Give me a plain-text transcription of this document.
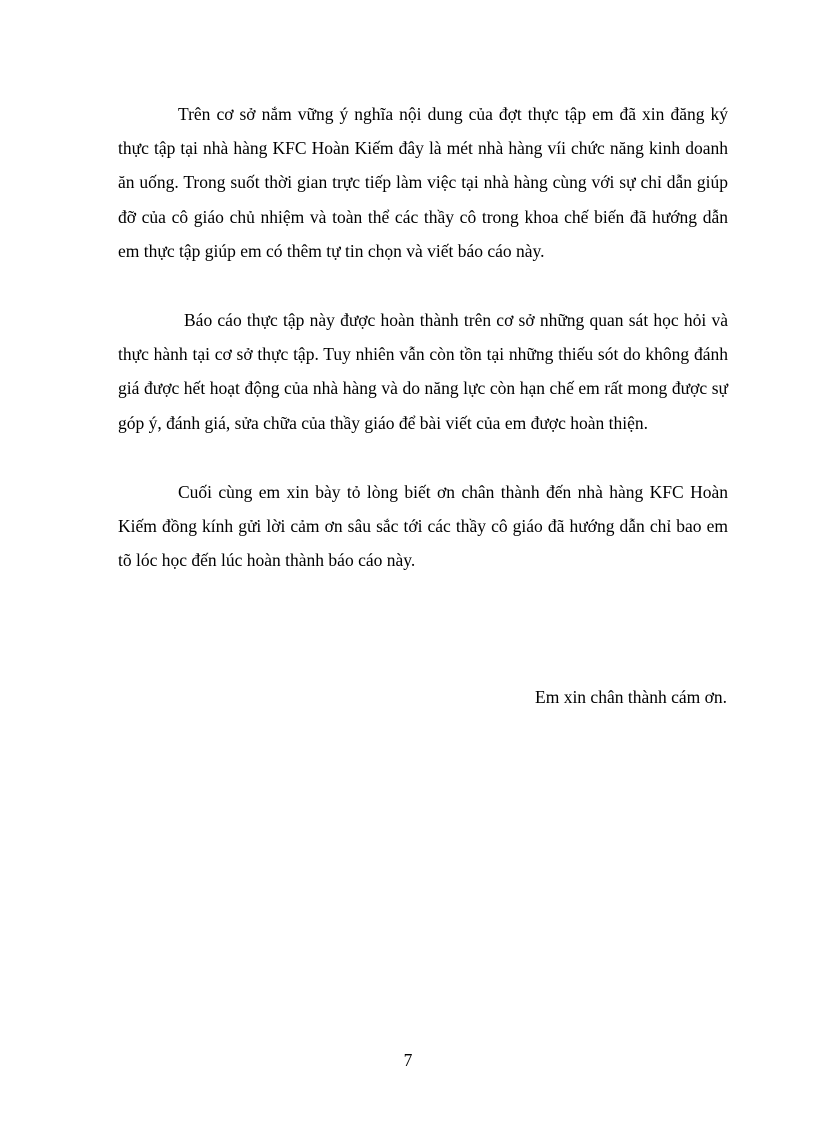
Trên cơ sở nắm vững ý nghĩa nội dung của đợt thực tập em đã xin đăng ký thực tập tại nhà hàng KFC Hoàn Kiếm đây là mét nhà hàng víi chức năng kinh doanh ăn uống. Trong suốt thời gian trực tiếp làm việc tại nhà hàng cùng với sự chỉ dẫn giúp đỡ của cô giáo chủ nhiệm và toàn thể các thầy cô trong khoa chế biến đã hướng dẫn em thực tập giúp em có thêm tự tin chọn và viết báo cáo này.

Báo cáo thực tập này được hoàn thành trên cơ sở những quan sát học hỏi và thực hành tại cơ sở thực tập. Tuy nhiên vẫn còn tồn tại những thiếu sót do không đánh giá được hết hoạt động của nhà hàng và do năng lực còn hạn chế em rất mong được sự góp ý, đánh giá, sửa chữa của thầy giáo để bài viết của em được hoàn thiện.

Cuối cùng em xin bày tỏ lòng biết ơn chân thành đến nhà hàng KFC Hoàn Kiếm đồng kính gửi lời cảm ơn sâu sắc tới các thầy cô giáo đã hướng dẫn chỉ bao em tõ lóc học đến lúc hoàn thành báo cáo này.

Em xin chân thành cám ơn.

7
